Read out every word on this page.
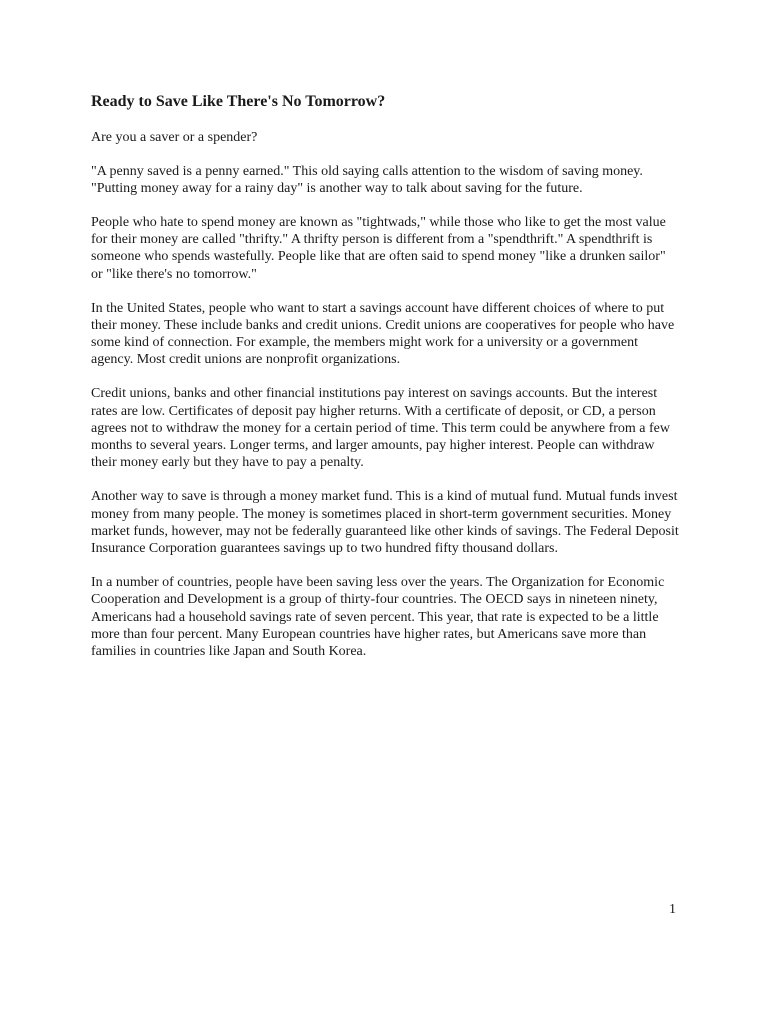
Ready to Save Like There's No Tomorrow?

Are you a saver or a spender?

"A penny saved is a penny earned." This old saying calls attention to the wisdom of saving money. "Putting money away for a rainy day" is another way to talk about saving for the future.

People who hate to spend money are known as "tightwads," while those who like to get the most value for their money are called "thrifty." A thrifty person is different from a "spendthrift." A spendthrift is someone who spends wastefully. People like that are often said to spend money "like a drunken sailor" or "like there's no tomorrow."

In the United States, people who want to start a savings account have different choices of where to put their money. These include banks and credit unions. Credit unions are cooperatives for people who have some kind of connection. For example, the members might work for a university or a government agency. Most credit unions are nonprofit organizations.

Credit unions, banks and other financial institutions pay interest on savings accounts. But the interest rates are low. Certificates of deposit pay higher returns. With a certificate of deposit, or CD, a person agrees not to withdraw the money for a certain period of time. This term could be anywhere from a few months to several years. Longer terms, and larger amounts, pay higher interest. People can withdraw their money early but they have to pay a penalty.

Another way to save is through a money market fund. This is a kind of mutual fund. Mutual funds invest money from many people. The money is sometimes placed in short-term government securities. Money market funds, however, may not be federally guaranteed like other kinds of savings. The Federal Deposit Insurance Corporation guarantees savings up to two hundred fifty thousand dollars.

In a number of countries, people have been saving less over the years. The Organization for Economic Cooperation and Development is a group of thirty-four countries. The OECD says in nineteen ninety, Americans had a household savings rate of seven percent. This year, that rate is expected to be a little more than four percent. Many European countries have higher rates, but Americans save more than families in countries like Japan and South Korea.

1
